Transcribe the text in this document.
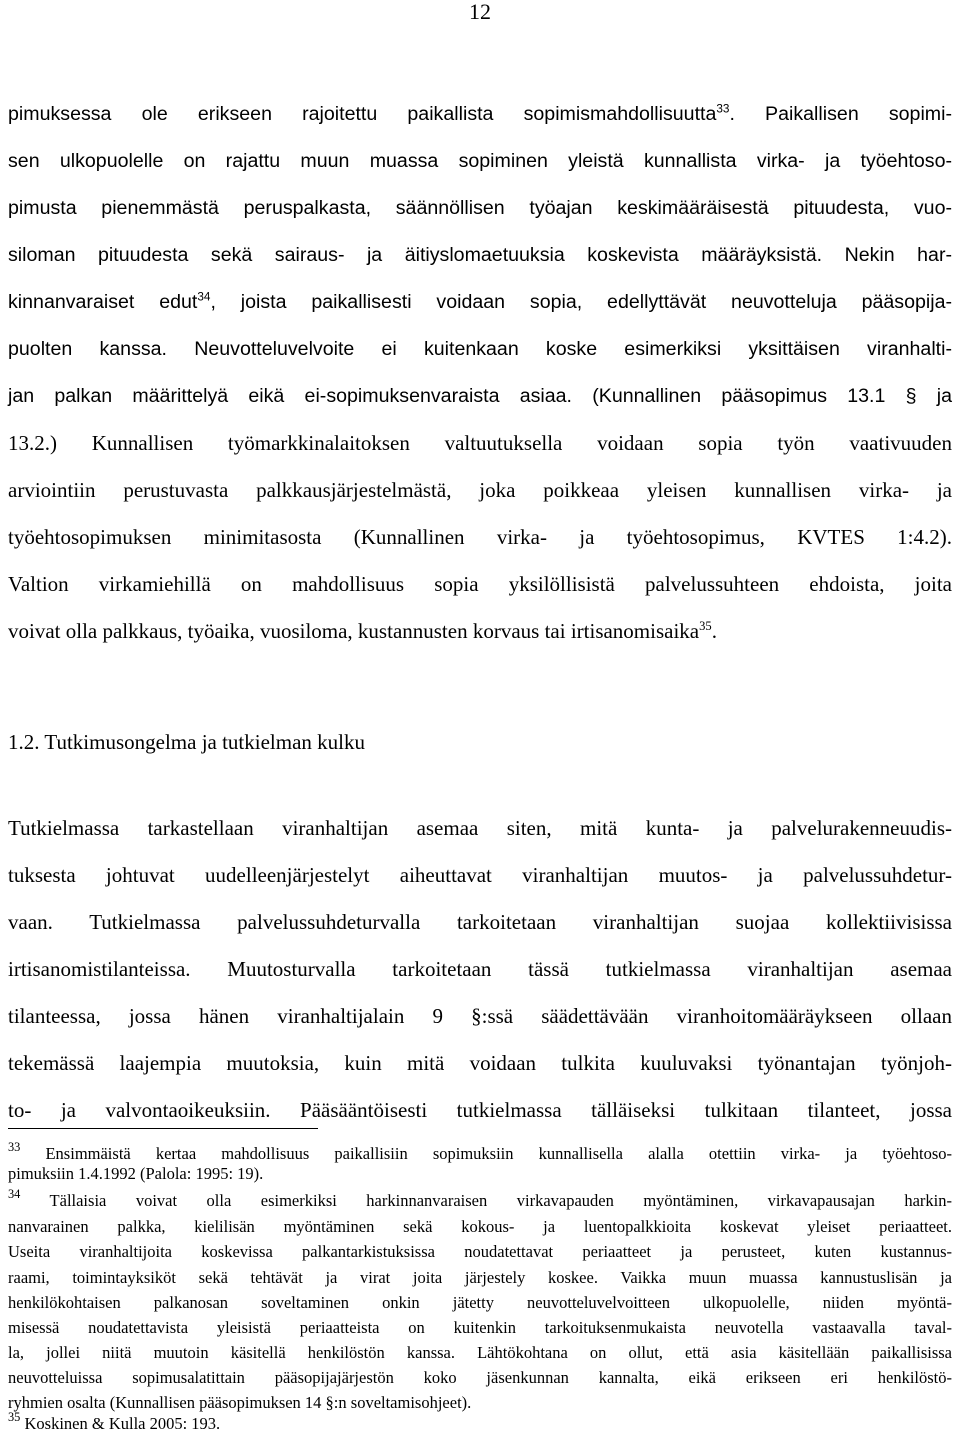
12
pimuksessa ole erikseen rajoitettu paikallista sopimismahdollisuutta$^{33}$. Paikallisen sopimi-
sen ulkopuolelle on rajattu muun muassa sopiminen yleistä kunnallista virka- ja työehtoso-
pimusta pienemmästä peruspalkasta, säännöllisen työajan keskimääräisestä pituudesta, vuo-
siloman pituudesta sekä sairaus- ja äitiyslomaetuuksia koskevista määräyksistä. Nekin har-
kinnanvaraiset edut$^{34}$, joista paikallisesti voidaan sopia, edellyttävät neuvotteluja pääsopija-
puolten kanssa. Neuvotteluvelvoite ei kuitenkaan koske esimerkiksi yksittäisen viranhalti-
jan palkan määrittelyä eikä ei-sopimuksenvaraista asiaa. (Kunnallinen pääsopimus 13.1 § ja
13.2.) Kunnallisen työmarkkinalaitoksen valtuutuksella voidaan sopia työn vaativuuden
arviointiin perustuvasta palkkausjärjestelmästä, joka poikkeaa yleisen kunnallisen virka- ja
työehtosopimuksen minimitasosta (Kunnallinen virka- ja työehtosopimus, KVTES 1:4.2).
Valtion virkamiehillä on mahdollisuus sopia yksilöllisistä palvelussuhteen ehdoista, joita
voivat olla palkkaus, työaika, vuosiloma, kustannusten korvaus tai irtisanomisaika$^{35}$.
1.2. Tutkimusongelma ja tutkielman kulku
Tutkielmassa tarkastellaan viranhaltijan asemaa siten, mitä kunta- ja palvelurakenneuudis-
tuksesta johtuvat uudelleenjärjestelyt aiheuttavat viranhaltijan muutos- ja palvelussuhdetur-
vaan. Tutkielmassa palvelussuhdeturvalla tarkoitetaan viranhaltijan suojaa kollektiivisissa
irtisanomistilanteissa. Muutosturvalla tarkoitetaan tässä tutkielmassa viranhaltijan asemaa
tilanteessa, jossa hänen viranhaltijalain 9 §:ssä säädettävään viranhoitomääräykseen ollaan
tekemässä laajempia muutoksia, kuin mitä voidaan tulkita kuuluvaksi työnantajan työnjoh-
to- ja valvontaoikeuksiin. Pääsääntöisesti tutkielmassa tälläiseksi tulkitaan tilanteet, jossa
$^{33}$ Ensimmäistä kertaa mahdollisuus paikallisiin sopimuksiin kunnallisella alalla otettiin virka- ja työehtoso-
pimuksiin 1.4.1992 (Palola: 1995: 19).
$^{34}$ Tällaisia voivat olla esimerkiksi harkinnanvaraisen virkavapauden myöntäminen, virkavapausajan harkin-
nanvarainen palkka, kielilisän myöntäminen sekä kokous- ja luentopalkkioita koskevat yleiset periaatteet.
Useita viranhaltijoita koskevissa palkantarkistuksissa noudatettavat periaatteet ja perusteet, kuten kustannus-
raami, toimintayksiköt sekä tehtävät ja virat joita järjestely koskee. Vaikka muun muassa kannustuslisän ja
henkilökohtaisen palkanosan soveltaminen onkin jätetty neuvotteluvelvoitteen ulkopuolelle, niiden myöntä-
misessä noudatettavista yleisistä periaatteista on kuitenkin tarkoituksenmukaista neuvotella vastaavalla taval-
la, jollei niitä muutoin käsitellä henkilöstön kanssa. Lähtökohtana on ollut, että asia käsitellään paikallisissa
neuvotteluissa sopimusalatittain pääsopijajärjestön koko jäsenkunnan kannalta, eikä erikseen eri henkilöstö-
ryhmien osalta (Kunnallisen pääsopimuksen 14 §:n soveltamisohjeet).
$^{35}$ Koskinen & Kulla 2005: 193.
